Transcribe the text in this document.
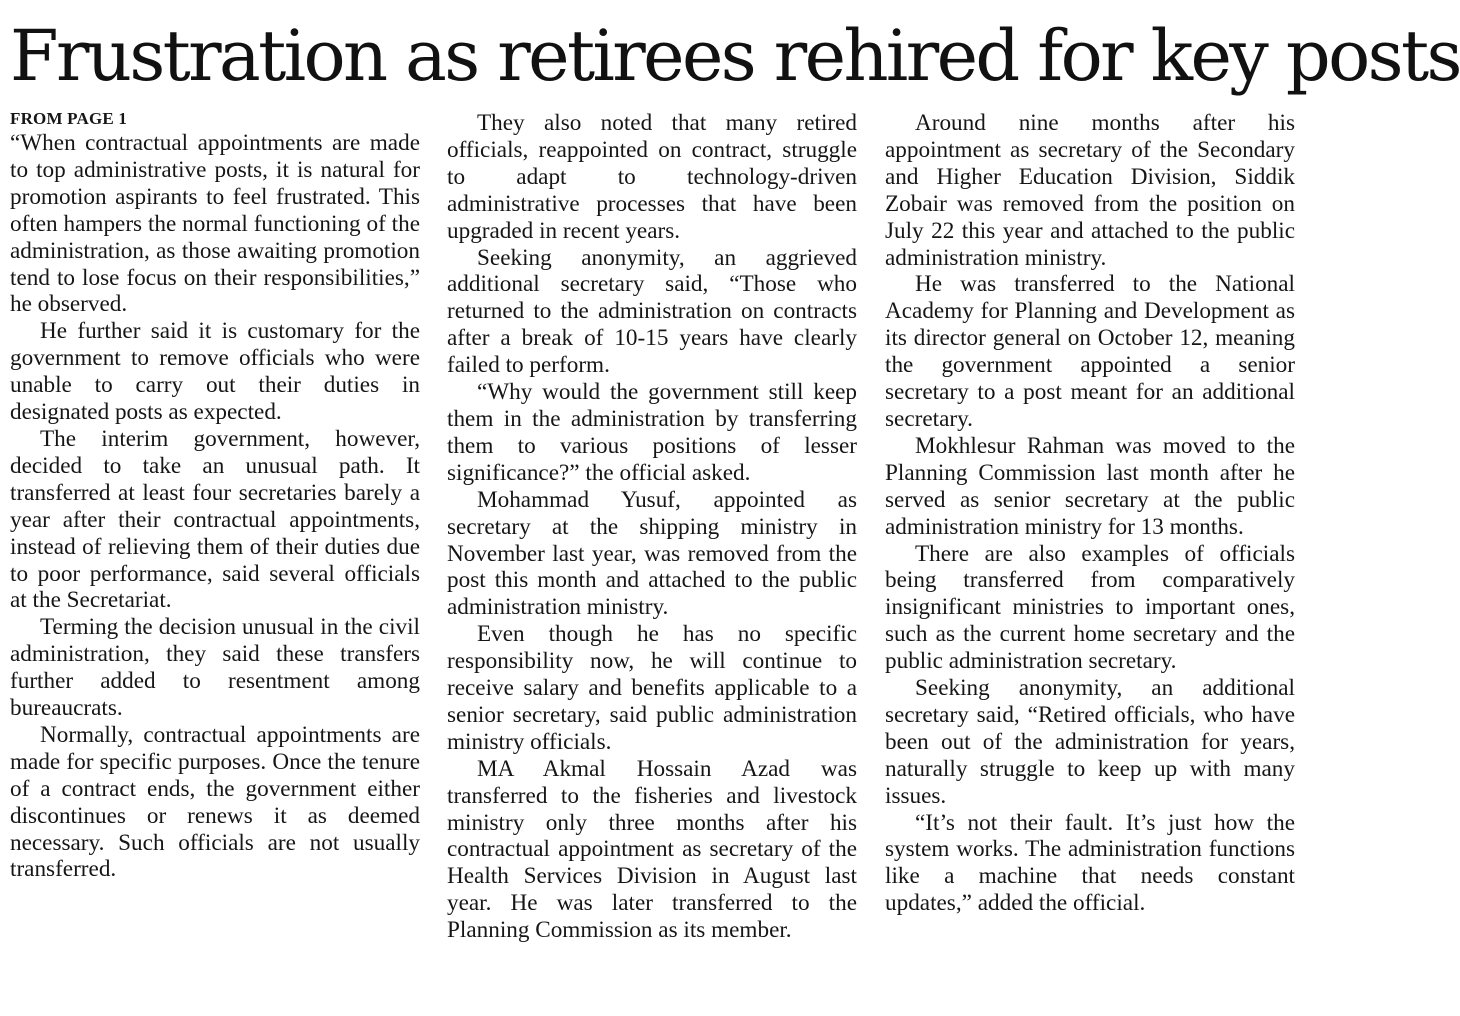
Frustration as retirees rehired for key posts

FROM PAGE 1

“When contractual appointments are made to top administrative posts, it is natural for promotion aspirants to feel frustrated. This often hampers the normal functioning of the administration, as those awaiting promotion tend to lose focus on their responsibilities,” he observed.

He further said it is customary for the government to remove officials who were unable to carry out their duties in designated posts as expected.

The interim government, however, decided to take an unusual path. It transferred at least four secretaries barely a year after their contractual appointments, instead of relieving them of their duties due to poor performance, said several officials at the Secretariat.

Terming the decision unusual in the civil administration, they said these transfers further added to resentment among bureaucrats.

Normally, contractual appointments are made for specific purposes. Once the tenure of a contract ends, the government either discontinues or renews it as deemed necessary. Such officials are not usually transferred.

They also noted that many retired officials, reappointed on contract, struggle to adapt to technology-driven administrative processes that have been upgraded in recent years.

Seeking anonymity, an aggrieved additional secretary said, “Those who returned to the administration on contracts after a break of 10-15 years have clearly failed to perform.

“Why would the government still keep them in the administration by transferring them to various positions of lesser significance?” the official asked.

Mohammad Yusuf, appointed as secretary at the shipping ministry in November last year, was removed from the post this month and attached to the public administration ministry.

Even though he has no specific responsibility now, he will continue to receive salary and benefits applicable to a senior secretary, said public administration ministry officials.

MA Akmal Hossain Azad was transferred to the fisheries and livestock ministry only three months after his contractual appointment as secretary of the Health Services Division in August last year. He was later transferred to the Planning Commission as its member.

Around nine months after his appointment as secretary of the Secondary and Higher Education Division, Siddik Zobair was removed from the position on July 22 this year and attached to the public administration ministry.

He was transferred to the National Academy for Planning and Development as its director general on October 12, meaning the government appointed a senior secretary to a post meant for an additional secretary.

Mokhlesur Rahman was moved to the Planning Commission last month after he served as senior secretary at the public administration ministry for 13 months.

There are also examples of officials being transferred from comparatively insignificant ministries to important ones, such as the current home secretary and the public administration secretary.

Seeking anonymity, an additional secretary said, “Retired officials, who have been out of the administration for years, naturally struggle to keep up with many issues.

“It’s not their fault. It’s just how the system works. The administration functions like a machine that needs constant updates,” added the official.
